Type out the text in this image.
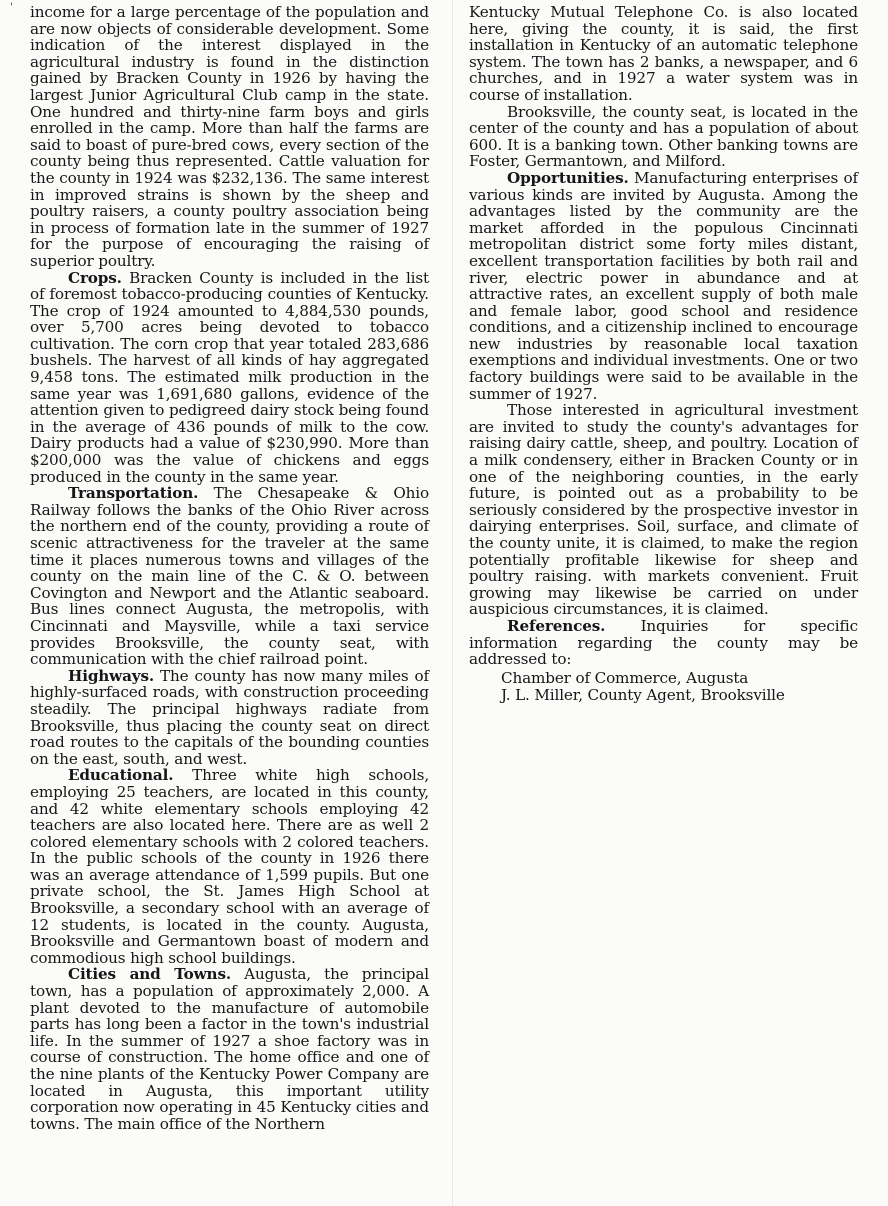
' income for a large percentage of the population and are now objects of considerable development. Some indication of the interest displayed in the agricultural industry is found in the distinction gained by Bracken County in 1926 by having the largest Junior Agricultural Club camp in the state. One hundred and thirty-nine farm boys and girls enrolled in the camp. More than half the farms are said to boast of pure-bred cows, every section of the county being thus represented. Cattle valuation for the county in 1924 was $232,136. The same interest in improved strains is shown by the sheep and poultry raisers, a county poultry association being in process of formation late in the summer of 1927 for the purpose of encouraging the raising of superior poultry.

Crops. Bracken County is included in the list of foremost tobacco-producing counties of Kentucky. The crop of 1924 amounted to 4,884,530 pounds, over 5,700 acres being devoted to tobacco cultivation. The corn crop that year totaled 283,686 bushels. The harvest of all kinds of hay aggregated 9,458 tons. The estimated milk production in the same year was 1,691,680 gallons, evidence of the attention given to pedigreed dairy stock being found in the average of 436 pounds of milk to the cow. Dairy products had a value of $230,990. More than $200,000 was the value of chickens and eggs produced in the county in the same year.

Transportation. The Chesapeake & Ohio Railway follows the banks of the Ohio River across the northern end of the county, providing a route of scenic attractiveness for the traveler at the same time it places numerous towns and villages of the county on the main line of the C. & O. between Covington and Newport and the Atlantic seaboard. Bus lines connect Augusta, the metropolis, with Cincinnati and Maysville, while a taxi service provides Brooksville, the county seat, with communication with the chief railroad point.

Highways. The county has now many miles of highly-surfaced roads, with construction proceeding steadily. The principal highways radiate from Brooksville, thus placing the county seat on direct road routes to the capitals of the bounding counties on the east, south, and west.

Educational. Three white high schools, employing 25 teachers, are located in this county, and 42 white elementary schools employing 42 teachers are also located here. There are as well 2 colored elementary schools with 2 colored teachers. In the public schools of the county in 1926 there was an average attendance of 1,599 pupils. But one private school, the St. James High School at Brooksville, a secondary school with an average of 12 students, is located in the county. Augusta, Brooksville and Germantown boast of modern and commodious high school buildings.

Cities and Towns. Augusta, the principal town, has a population of approximately 2,000. A plant devoted to the manufacture of automobile parts has long been a factor in the town's industrial life. In the summer of 1927 a shoe factory was in course of construction. The home office and one of the nine plants of the Kentucky Power Company are located in Augusta, this important utility corporation now operating in 45 Kentucky cities and towns. The main office of the Northern

Kentucky Mutual Telephone Co. is also located here, giving the county, it is said, the first installation in Kentucky of an automatic telephone system. The town has 2 banks, a newspaper, and 6 churches, and in 1927 a water system was in course of installation.

Brooksville, the county seat, is located in the center of the county and has a population of about 600. It is a banking town. Other banking towns are Foster, Germantown, and Milford.

Opportunities. Manufacturing enterprises of various kinds are invited by Augusta. Among the advantages listed by the community are the market afforded in the populous Cincinnati metropolitan district some forty miles distant, excellent transportation facilities by both rail and river, electric power in abundance and at attractive rates, an excellent supply of both male and female labor, good school and residence conditions, and a citizenship inclined to encourage new industries by reasonable local taxation exemptions and individual investments. One or two factory buildings were said to be available in the summer of 1927.

Those interested in agricultural investment are invited to study the county's advantages for raising dairy cattle, sheep, and poultry. Location of a milk condensery, either in Bracken County or in one of the neighboring counties, in the early future, is pointed out as a probability to be seriously considered by the prospective investor in dairying enterprises. Soil, surface, and climate of the county unite, it is claimed, to make the region potentially profitable likewise for sheep and poultry raising. with markets convenient. Fruit growing may likewise be carried on under auspicious circumstances, it is claimed.

References. Inquiries for specific information regarding the county may be addressed to:

Chamber of Commerce, Augusta
J. L. Miller, County Agent, Brooksville
